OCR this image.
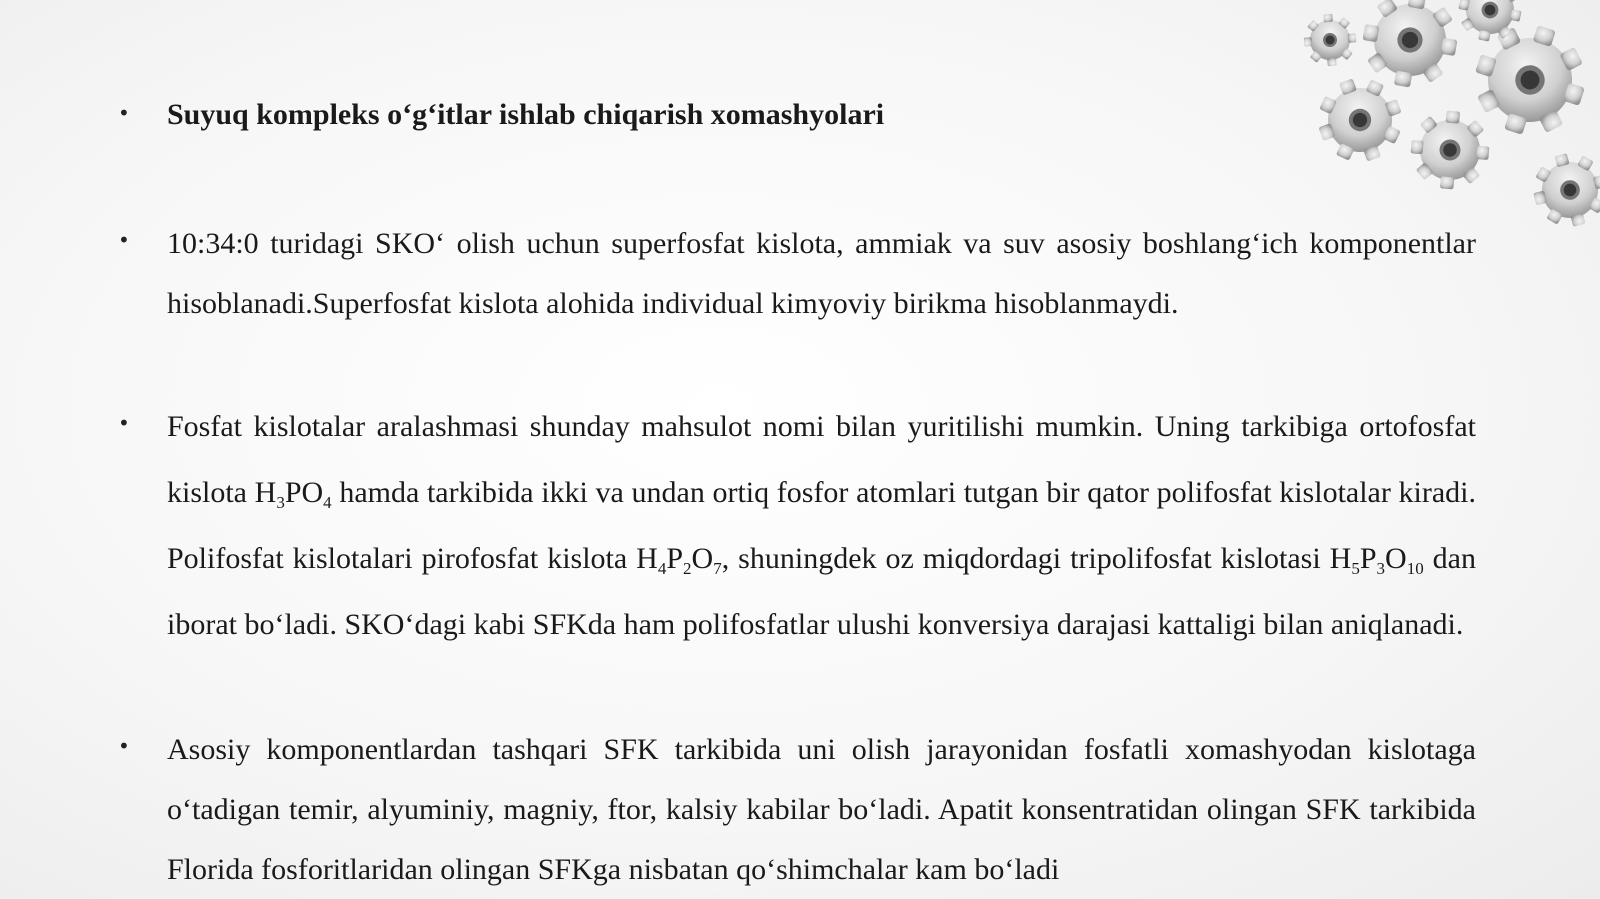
• Suyuq kompleks o‘g‘itlar ishlab chiqarish xomashyolari
• 10:34:0 turidagi SKO‘ olish uchun superfosfat kislota, ammiak va suv asosiy boshlang‘ich komponentlar hisoblanadi.Superfosfat kislota alohida individual kimyoviy birikma hisoblanmaydi.
• Fosfat kislotalar aralashmasi shunday mahsulot nomi bilan yuritilishi mumkin. Uning tarkibiga ortofosfat kislota $H_3PO_4$ hamda tarkibida ikki va undan ortiq fosfor atomlari tutgan bir qator polifosfat kislotalar kiradi. Polifosfat kislotalari pirofosfat kislota $H_4P_2O_7$, shuningdek oz miqdordagi tripolifosfat kislotasi $H_5P_3O_{10}$ dan iborat bo‘ladi. SKO‘dagi kabi SFKda ham polifosfatlar ulushi konversiya darajasi kattaligi bilan aniqlanadi.
• Asosiy komponentlardan tashqari SFK tarkibida uni olish jarayonidan fosfatli xomashyodan kislotaga o‘tadigan temir, alyuminiy, magniy, ftor, kalsiy kabilar bo‘ladi. Apatit konsentratidan olingan SFK tarkibida Florida fosforitlaridan olingan SFKga nisbatan qo‘shimchalar kam bo‘ladi
